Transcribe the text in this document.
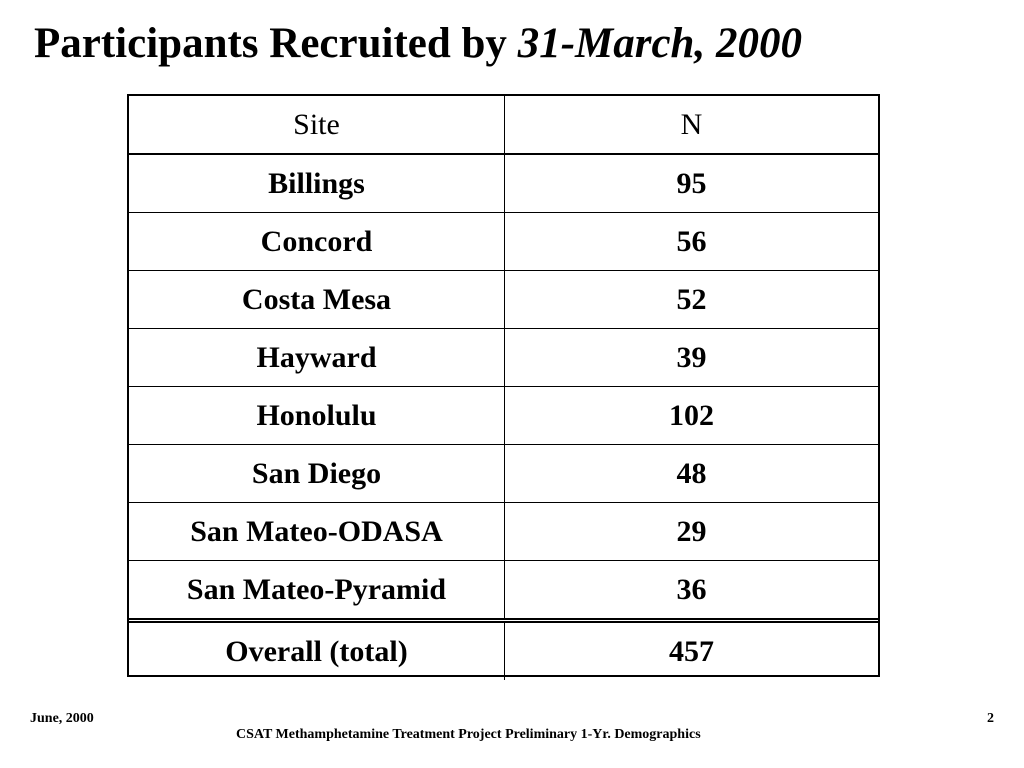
Participants Recruited by 31-March, 2000
Site	N
Billings	95
Concord	56
Costa Mesa	52
Hayward	39
Honolulu	102
San Diego	48
San Mateo-ODASA	29
San Mateo-Pyramid	36
Overall (total)	457
June, 2000	2
CSAT Methamphetamine Treatment Project Preliminary 1-Yr. Demographics
